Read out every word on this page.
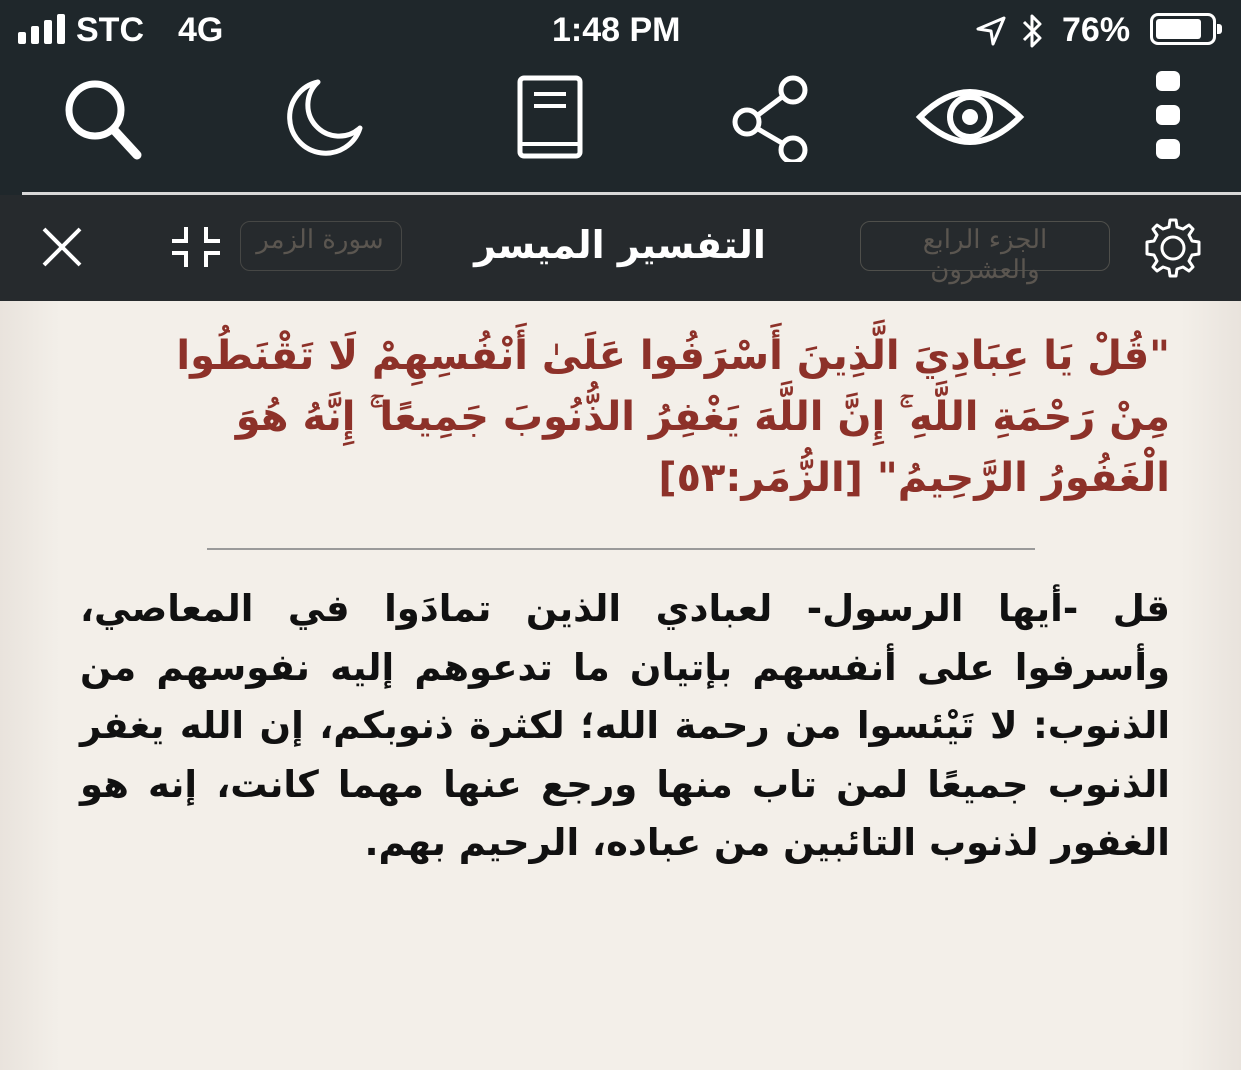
STC 4G	1:48 PM	76%
الجزء الرابع والعشرون
سورة الزمر	التفسير الميسر
"قُلْ يَا عِبَادِيَ الَّذِينَ أَسْرَفُوا عَلَىٰ أَنْفُسِهِمْ لَا تَقْنَطُوا مِنْ رَحْمَةِ اللَّهِ ۚ إِنَّ اللَّهَ يَغْفِرُ الذُّنُوبَ جَمِيعًا ۚ إِنَّهُ هُوَ الْغَفُورُ الرَّحِيمُ" [الزُّمَر:٥٣]
قل -أيها الرسول- لعبادي الذين تمادَوا في المعاصي، وأسرفوا على أنفسهم بإتيان ما تدعوهم إليه نفوسهم من الذنوب: لا تَيْئسوا من رحمة الله؛ لكثرة ذنوبكم، إن الله يغفر الذنوب جميعًا لمن تاب منها ورجع عنها مهما كانت، إنه هو الغفور لذنوب التائبين من عباده، الرحيم بهم.
